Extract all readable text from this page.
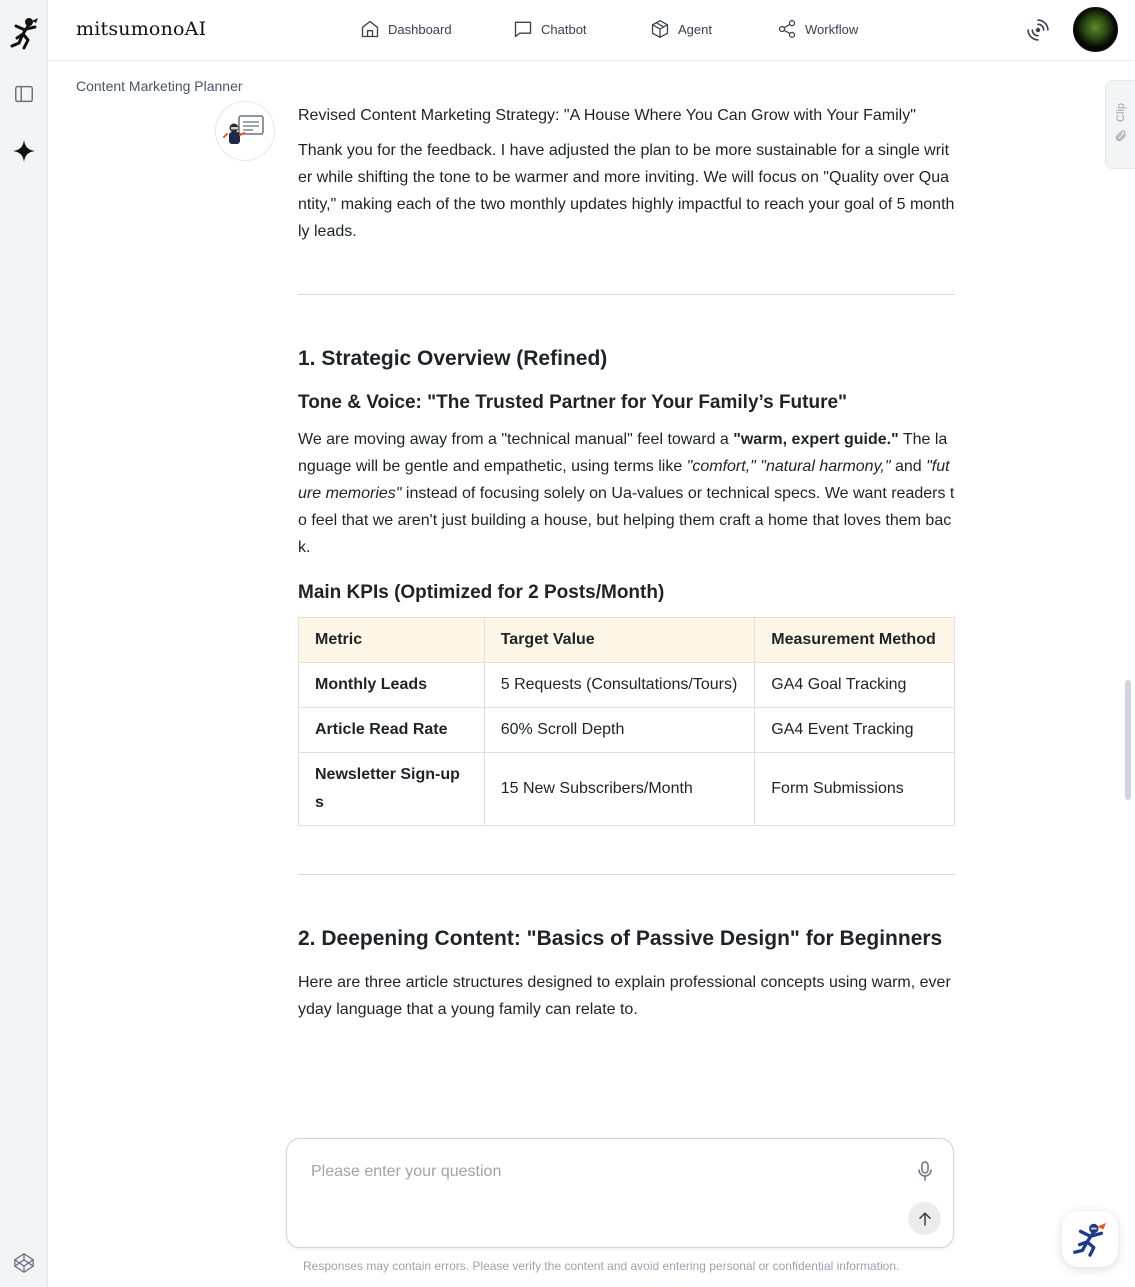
mitsumonoAI	Dashboard	Chatbot	Agent	Workflow
Content Marketing Planner
Clip

Revised Content Marketing Strategy: "A House Where You Can Grow with Your Family"

Thank you for the feedback. I have adjusted the plan to be more sustainable for a single writer while shifting the tone to be warmer and more inviting. We will focus on "Quality over Quantity," making each of the two monthly updates highly impactful to reach your goal of 5 monthly leads.

1. Strategic Overview (Refined)
Tone & Voice: "The Trusted Partner for Your Family’s Future"

We are moving away from a "technical manual" feel toward a "warm, expert guide." The language will be gentle and empathetic, using terms like "comfort," "natural harmony," and "future memories" instead of focusing solely on Ua-values or technical specs. We want readers to feel that we aren't just building a house, but helping them craft a home that loves them back.

Main KPIs (Optimized for 2 Posts/Month)
Metric	Target Value	Measurement Method
Monthly Leads	5 Requests (Consultations/Tours)	GA4 Goal Tracking
Article Read Rate	60% Scroll Depth	GA4 Event Tracking
Newsletter Sign-ups	15 New Subscribers/Month	Form Submissions
2. Deepening Content: "Basics of Passive Design" for Beginners

Here are three article structures designed to explain professional concepts using warm, everyday language that a young family can relate to.

Please enter your question
Responses may contain errors. Please verify the content and avoid entering personal or confidential information.
